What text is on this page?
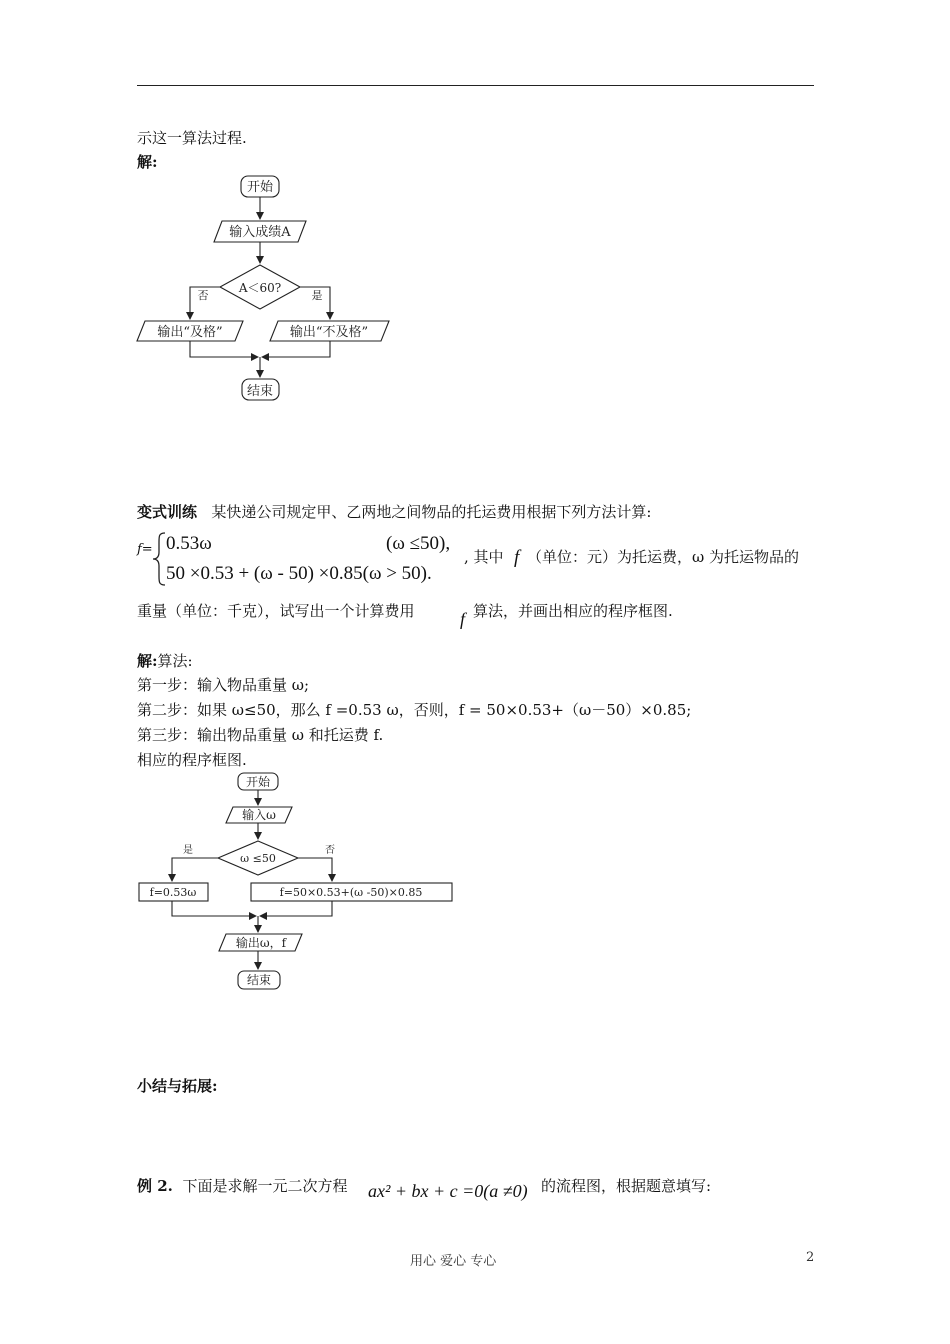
示这一算法过程.
解:
开始
输入成绩A
A＜60?
否	是
输出“及格”	输出“不及格”
结束
变式训练 某快递公司规定甲、乙两地之间物品的托运费用根据下列方法计算:
f= 0.53ω	(ω ≤50),
50 ×0.53 + (ω - 50) ×0.85(ω > 50).
, 其中 f （单位：元）为托运费，ω 为托运物品的
重量（单位：千克），试写出一个计算费用	f 算法，并画出相应的程序框图.
解:算法:
第一步：输入物品重量 ω;
第二步：如果 ω≤50，那么 f =0.53 ω，否则，f = 50×0.53+（ω－50）×0.85;
第三步：输出物品重量 ω 和托运费 f.
相应的程序框图.
开始
输入ω
ω ≤50
是	否
f=0.53ω	f=50×0.53+(ω -50)×0.85
输出ω，f
结束
小结与拓展:
例 2. 下面是求解一元二次方程 ax² + bx + c =0(a ≠0) 的流程图，根据题意填写:
用心 爱心 专心	2
